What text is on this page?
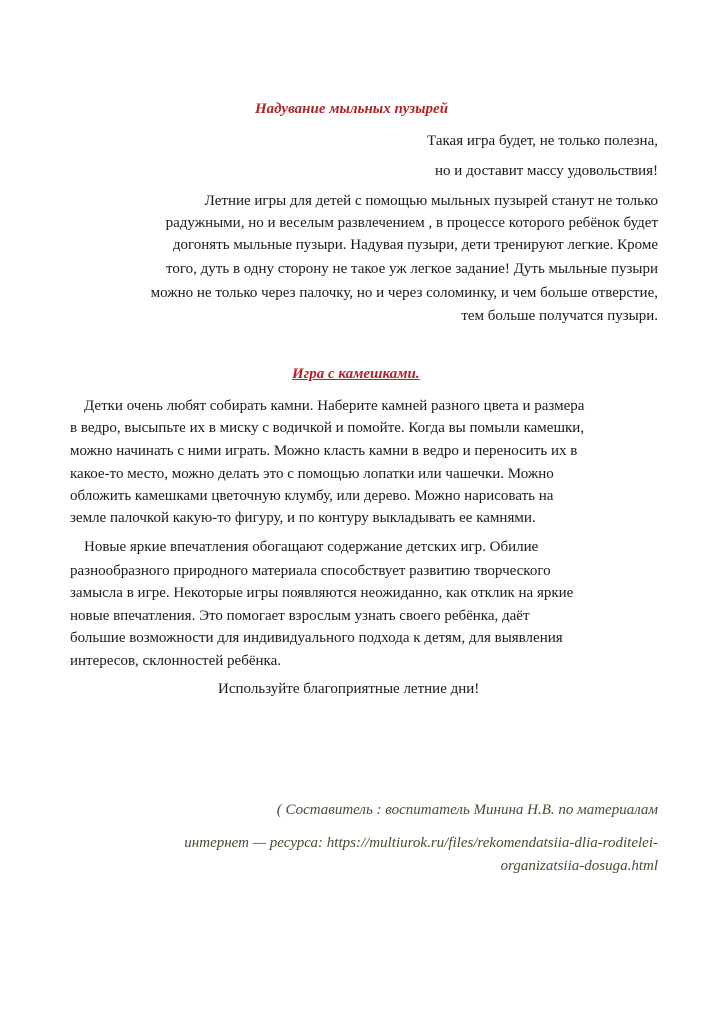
Надувание мыльных пузырей
Такая игра будет, не только полезна,
но и доставит массу удовольствия!
Летние игры для детей с помощью мыльных пузырей станут не только
радужными, но и веселым развлечением , в процессе которого ребёнок будет
догонять мыльные пузыри. Надувая пузыри, дети тренируют легкие. Кроме
того, дуть в одну сторону не такое уж легкое задание! Дуть мыльные пузыри
можно не только через палочку, но и через соломинку, и чем больше отверстие,
тем больше получатся пузыри.
Игра с камешками.
Детки очень любят собирать камни. Наберите камней разного цвета и размера
в ведро, высыпьте их в миску с водичкой и помойте. Когда вы помыли камешки,
можно начинать с ними играть. Можно класть камни в ведро и переносить их в
какое-то место, можно делать это с помощью лопатки или чашечки. Можно
обложить камешками цветочную клумбу, или дерево. Можно нарисовать на
земле палочкой какую-то фигуру, и по контуру выкладывать ее камнями.
Новые яркие впечатления обогащают содержание детских игр. Обилие
разнообразного природного материала способствует развитию творческого
замысла в игре. Некоторые игры появляются неожиданно, как отклик на яркие
новые впечатления. Это помогает взрослым узнать своего ребёнка, даёт
большие возможности для индивидуального подхода к детям, для выявления
интересов, склонностей ребёнка.
Используйте благоприятные летние дни!
( Составитель : воспитатель Минина Н.В. по материалам
интернет — ресурса: https://multiurok.ru/files/rekomendatsiia-dlia-roditelei-
organizatsiia-dosuga.html
